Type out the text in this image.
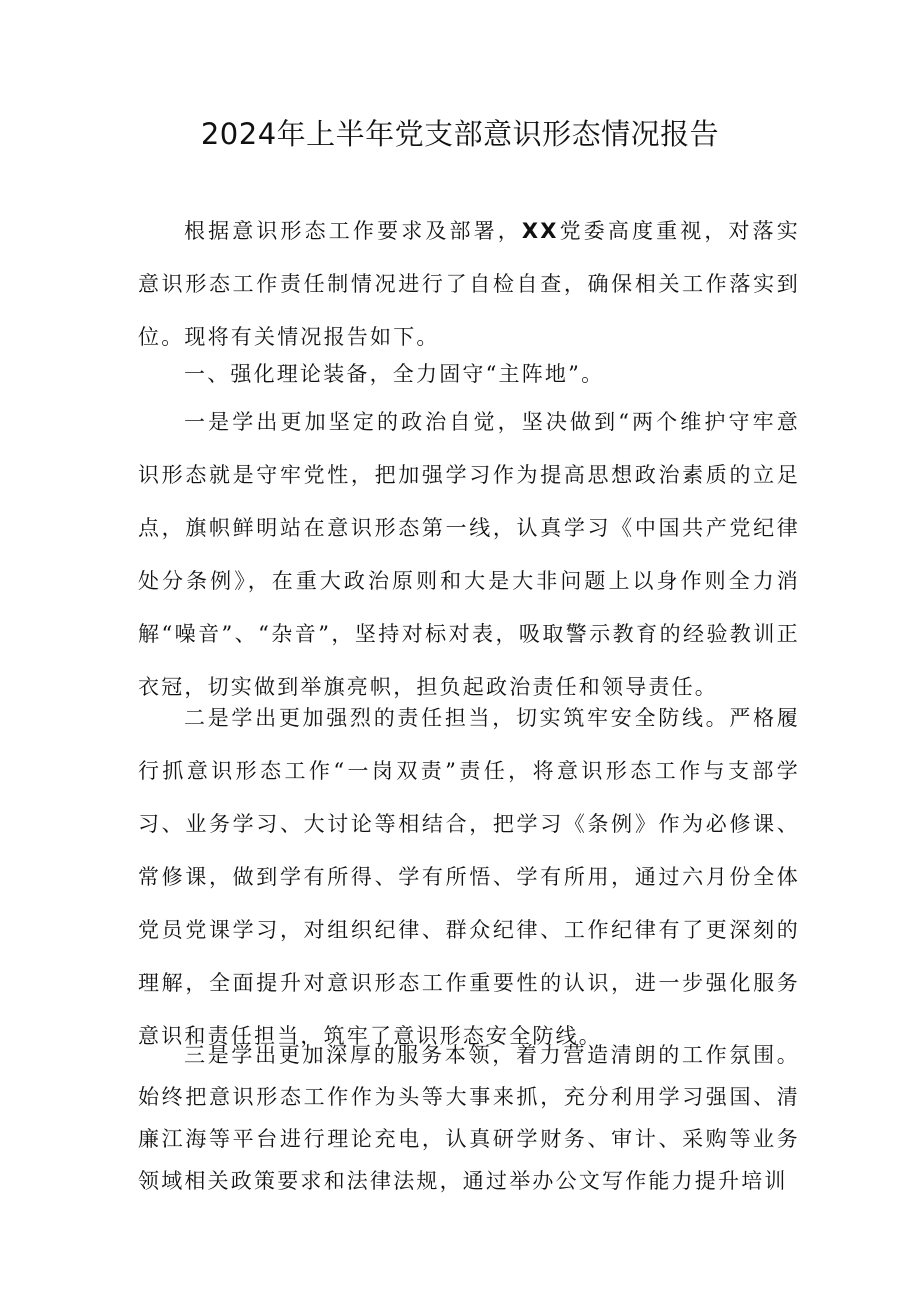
2024年上半年党支部意识形态情况报告

根据意识形态工作要求及部署，XX党委高度重视，对落实意识形态工作责任制情况进行了自检自查，确保相关工作落实到位。现将有关情况报告如下。

一、强化理论装备，全力固守“主阵地”。

一是学出更加坚定的政治自觉，坚决做到“两个维护守牢意识形态就是守牢党性，把加强学习作为提高思想政治素质的立足点，旗帜鲜明站在意识形态第一线，认真学习《中国共产党纪律处分条例》，在重大政治原则和大是大非问题上以身作则全力消解“噪音”、“杂音”，坚持对标对表，吸取警示教育的经验教训正衣冠，切实做到举旗亮帜，担负起政治责任和领导责任。

二是学出更加强烈的责任担当，切实筑牢安全防线。严格履行抓意识形态工作“一岗双责”责任，将意识形态工作与支部学习、业务学习、大讨论等相结合，把学习《条例》作为必修课、常修课，做到学有所得、学有所悟、学有所用，通过六月份全体党员党课学习，对组织纪律、群众纪律、工作纪律有了更深刻的理解，全面提升对意识形态工作重要性的认识，进一步强化服务意识和责任担当，筑牢了意识形态安全防线。

三是学出更加深厚的服务本领，着力营造清朗的工作氛围。始终把意识形态工作作为头等大事来抓，充分利用学习强国、清廉江海等平台进行理论充电，认真研学财务、审计、采购等业务领域相关政策要求和法律法规，通过举办公文写作能力提升培训
